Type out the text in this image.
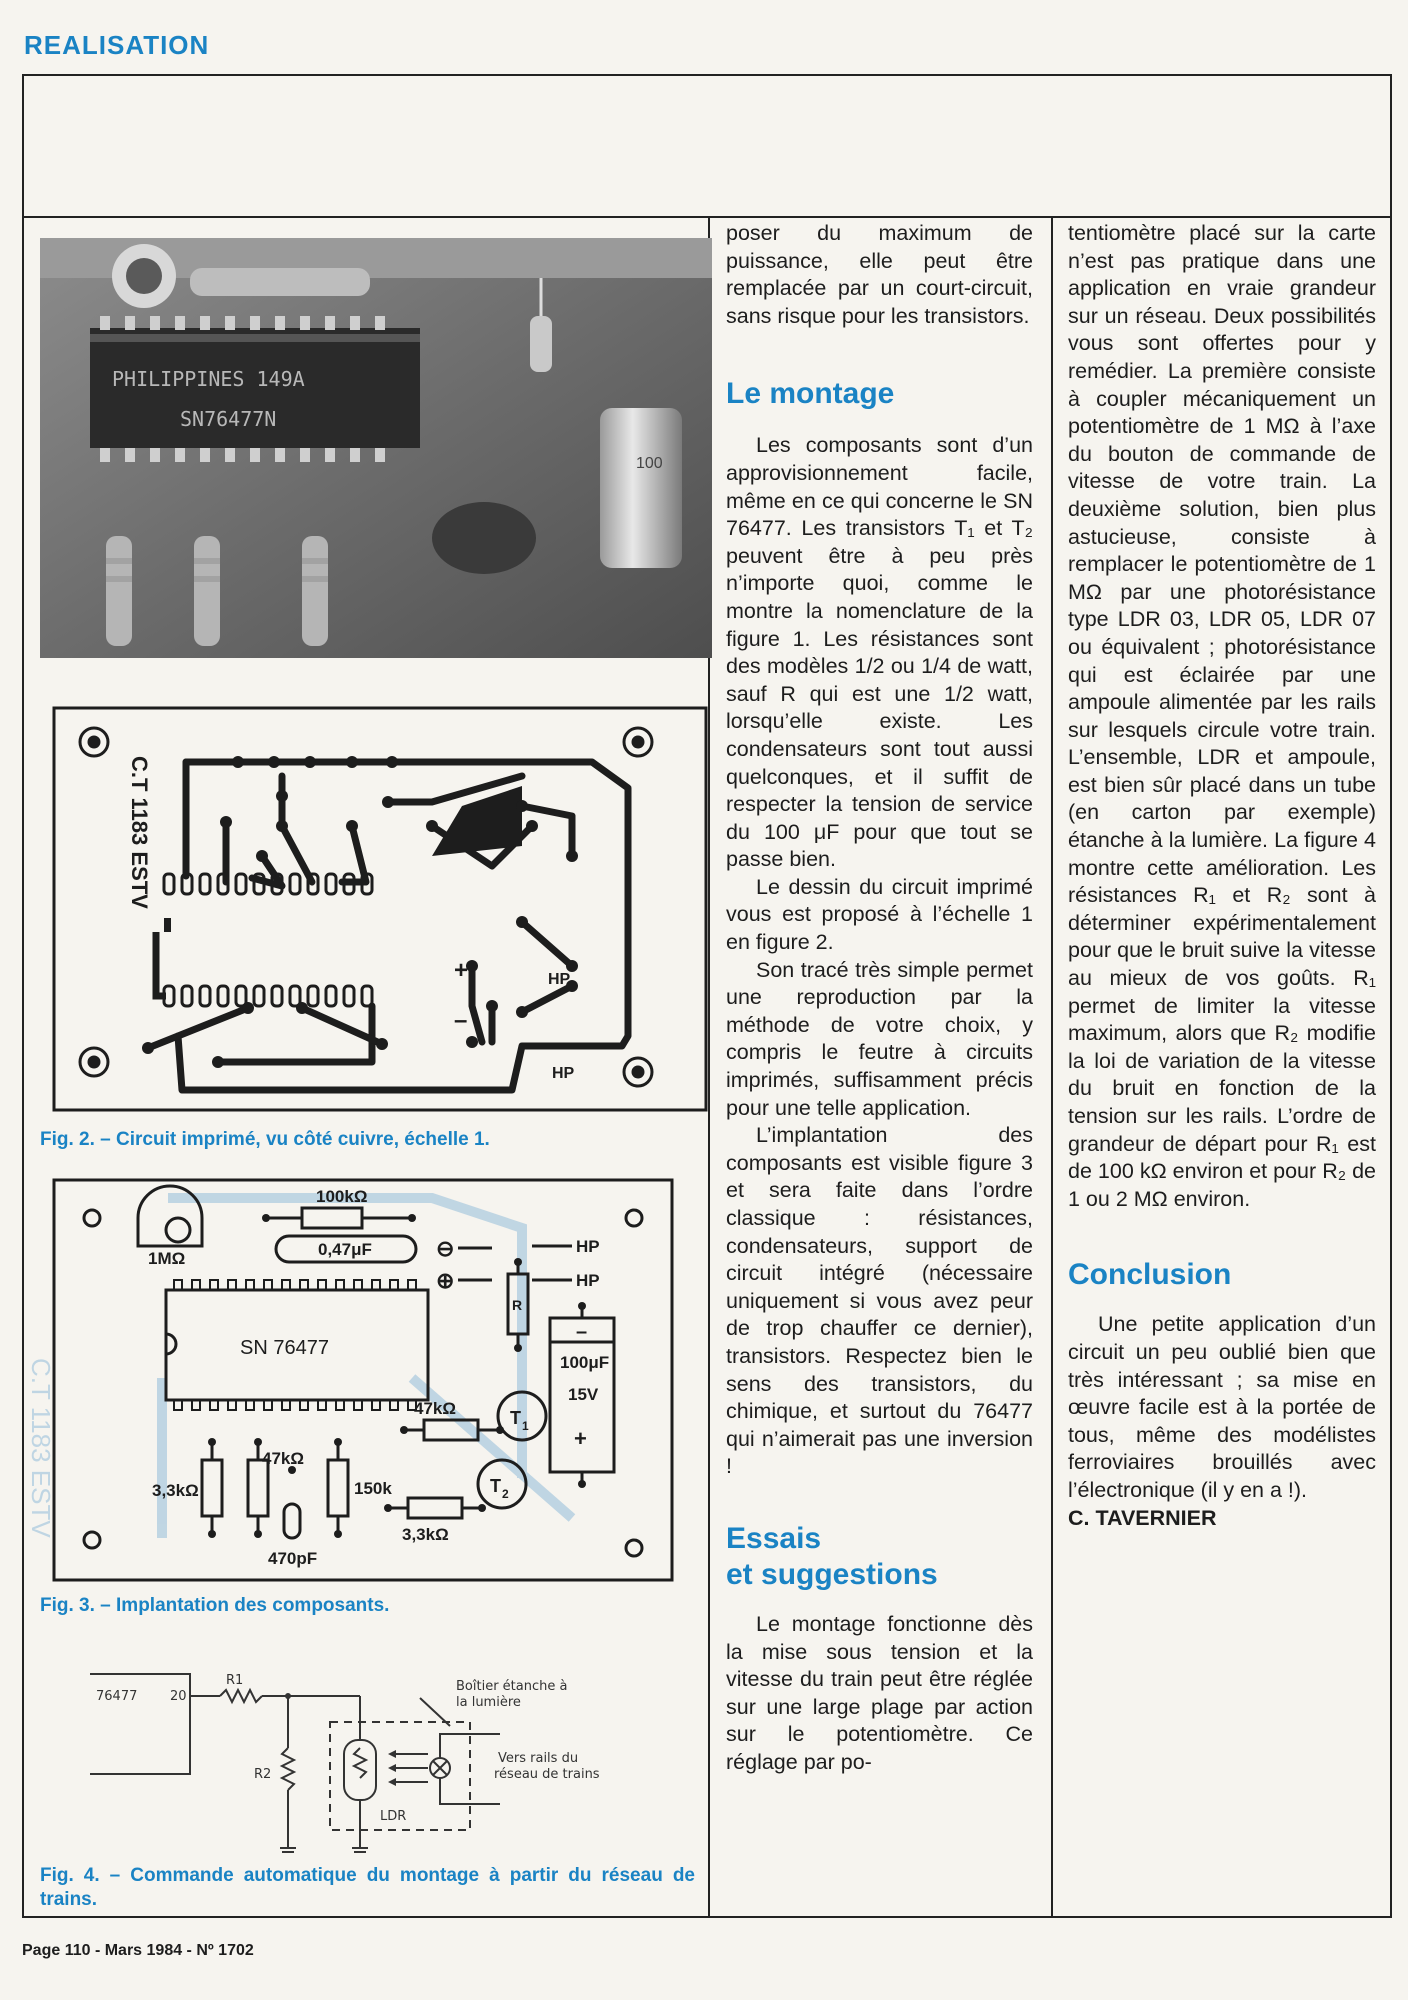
REALISATION
PHILIPPINES 149A
SN76477N
100
C.T 1183 ESTV
+
–
HP
HP
Fig. 2. – Circuit imprimé, vu côté cuivre, échelle 1.
C.T 1183 ESTV
1MΩ
100kΩ
0,47μF
SN 76477
⊖
⊕
HP
HP
R
100μF
15V
+
–
47kΩ
47kΩ
T 1
T 2
3,3kΩ	150k
3,3kΩ
470pF
Fig. 3. – Implantation des composants.
76477	20
R1
R2
Boîtier étanche à
la lumière
LDR
Vers rails du
réseau de trains
Fig. 4. – Commande automatique du montage à partir du réseau de trains.

poser du maximum de puissance, elle peut être remplacée par un court-circuit, sans risque pour les transistors.

Le montage

Les composants sont d’un approvisionnement facile, même en ce qui concerne le SN 76477. Les transistors T₁ et T₂ peuvent être à peu près n’importe quoi, comme le montre la nomenclature de la figure 1. Les résistances sont des modèles 1/2 ou 1/4 de watt, sauf R qui est une 1/2 watt, lorsqu’elle existe. Les condensateurs sont tout aussi quelconques, et il suffit de respecter la tension de service du 100 μF pour que tout se passe bien.

Le dessin du circuit imprimé vous est proposé à l’échelle 1 en figure 2.

Son tracé très simple permet une reproduction par la méthode de votre choix, y compris le feutre à circuits imprimés, suffisamment précis pour une telle application.

L’implantation des composants est visible figure 3 et sera faite dans l’ordre classique : résistances, condensateurs, support de circuit intégré (nécessaire uniquement si vous avez peur de trop chauffer ce dernier), transistors. Respectez bien le sens des transistors, du chimique, et surtout du 76477 qui n’aimerait pas une inversion !

Essais
et suggestions

Le montage fonctionne dès la mise sous tension et la vitesse du train peut être réglée sur une large plage par action sur le potentiomètre. Ce réglage par po-

tentiomètre placé sur la carte n’est pas pratique dans une application en vraie grandeur sur un réseau. Deux possibilités vous sont offertes pour y remédier. La première consiste à coupler mécaniquement un potentiomètre de 1 MΩ à l’axe du bouton de commande de vitesse de votre train. La deuxième solution, bien plus astucieuse, consiste à remplacer le potentiomètre de 1 MΩ par une photorésistance type LDR 03, LDR 05, LDR 07 ou équivalent ; photorésistance qui est éclairée par une ampoule alimentée par les rails sur lesquels circule votre train. L’ensemble, LDR et ampoule, est bien sûr placé dans un tube (en carton par exemple) étanche à la lumière. La figure 4 montre cette amélioration. Les résistances R₁ et R₂ sont à déterminer expérimentalement pour que le bruit suive la vitesse au mieux de vos goûts. R₁ permet de limiter la vitesse maximum, alors que R₂ modifie la loi de variation de la vitesse du bruit en fonction de la tension sur les rails. L’ordre de grandeur de départ pour R₁ est de 100 kΩ environ et pour R₂ de 1 ou 2 MΩ environ.

Conclusion

Une petite application d’un circuit un peu oublié bien que très intéressant ; sa mise en œuvre facile est à la portée de tous, même des modélistes ferroviaires brouillés avec l’électronique (il y en a !).

C. TAVERNIER

Page 110 - Mars 1984 - Nº 1702
